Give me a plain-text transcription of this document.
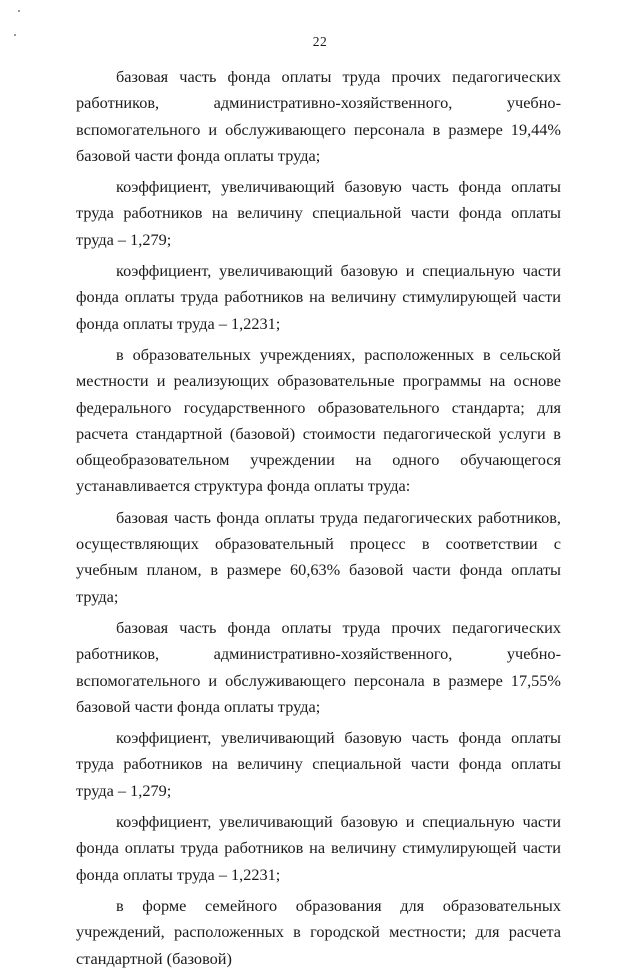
22

базовая часть фонда оплаты труда прочих педагогических работников, административно-хозяйственного, учебно-вспомогательного и обслуживающего персонала в размере 19,44% базовой части фонда оплаты труда;

коэффициент, увеличивающий базовую часть фонда оплаты труда работников на величину специальной части фонда оплаты труда – 1,279;

коэффициент, увеличивающий базовую и специальную части фонда оплаты труда работников на величину стимулирующей части фонда оплаты труда – 1,2231;

в образовательных учреждениях, расположенных в сельской местности и реализующих образовательные программы на основе федерального государственного образовательного стандарта; для расчета стандартной (базовой) стоимости педагогической услуги в общеобразовательном учреждении на одного обучающегося устанавливается структура фонда оплаты труда:

базовая часть фонда оплаты труда педагогических работников, осуществляющих образовательный процесс в соответствии с учебным планом, в размере 60,63% базовой части фонда оплаты труда;

базовая часть фонда оплаты труда прочих педагогических работников, административно-хозяйственного, учебно-вспомогательного и обслуживающего персонала в размере 17,55% базовой части фонда оплаты труда;

коэффициент, увеличивающий базовую часть фонда оплаты труда работников на величину специальной части фонда оплаты труда – 1,279;

коэффициент, увеличивающий базовую и специальную части фонда оплаты труда работников на величину стимулирующей части фонда оплаты труда – 1,2231;

в форме семейного образования для образовательных учреждений, расположенных в городской местности; для расчета стандартной (базовой)
